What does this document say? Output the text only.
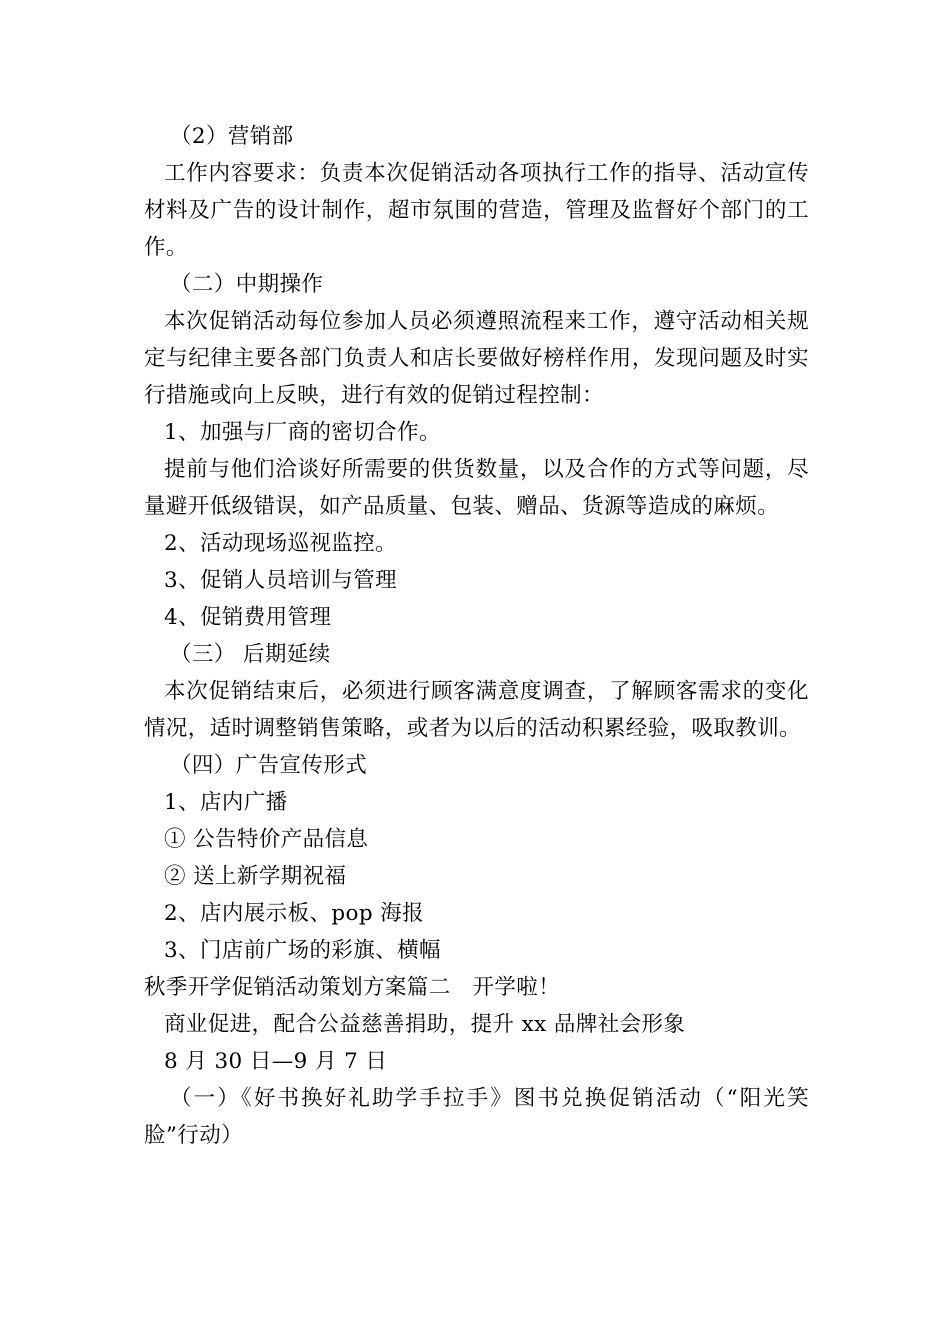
（2）营销部
工作内容要求：负责本次促销活动各项执行工作的指导、活动宣传材料及广告的设计制作，超市氛围的营造，管理及监督好个部门的工作。
（二）中期操作
本次促销活动每位参加人员必须遵照流程来工作，遵守活动相关规定与纪律主要各部门负责人和店长要做好榜样作用，发现问题及时实行措施或向上反映，进行有效的促销过程控制：
1、加强与厂商的密切合作。
提前与他们洽谈好所需要的供货数量，以及合作的方式等问题，尽量避开低级错误，如产品质量、包装、赠品、货源等造成的麻烦。
2、活动现场巡视监控。
3、促销人员培训与管理
4、促销费用管理
（三） 后期延续
本次促销结束后，必须进行顾客满意度调查，了解顾客需求的变化情况，适时调整销售策略，或者为以后的活动积累经验，吸取教训。
（四）广告宣传形式
1、店内广播
① 公告特价产品信息
② 送上新学期祝福
2、店内展示板、pop 海报
3、门店前广场的彩旗、横幅
秋季开学促销活动策划方案篇二　开学啦！
商业促进，配合公益慈善捐助，提升 xx 品牌社会形象
8 月 30 日—9 月 7 日
（一）《好书换好礼助学手拉手》图书兑换促销活动（“阳光笑脸”行动）
